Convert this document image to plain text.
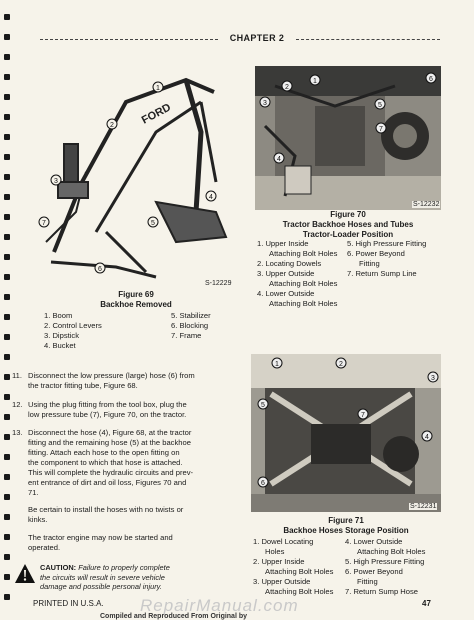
CHAPTER 2
FORD
1
2
3
4
5
6
7
S-12229
Figure 69
Backhoe Removed
1. Boom
2. Control Levers
3. Dipstick
4. Bucket
5. Stabilizer
6. Blocking
7. Frame
1
2
3
4
5
6
7
S-12232
Figure 70
Tractor Backhoe Hoses and Tubes
Tractor-Loader Position
1. Upper Inside
Attaching Bolt Holes
2. Locating Dowels
3. Upper Outside
Attaching Bolt Holes
4. Lower Outside
Attaching Bolt Holes
5. High Pressure Fitting
6. Power Beyond
Fitting
7. Return Sump Line
1	2
3
4
5
6
7
S-12231
Figure 71
Backhoe Hoses Storage Position
1. Dowel Locating
Holes
2. Upper Inside
Attaching Bolt Holes
3. Upper Outside
Attaching Bolt Holes
4. Lower Outside
Attaching Bolt Holes
5. High Pressure Fitting
6. Power Beyond
Fitting
7. Return Sump Hose
11. Disconnect the low pressure (large) hose (6) from
the tractor fitting tube, Figure 68.
12. Using the plug fitting from the tool box, plug the
low pressure tube (7), Figure 70, on the tractor.
13. Disconnect the hose (4), Figure 68, at the tractor
fitting and the remaining hose (5) at the backhoe
fitting. Attach each hose to the open fitting on
the component to which that hose is attached.
This will complete the hydraulic circuits and prev-
ent entrance of dirt and oil loss, Figures 70 and
71.
Be certain to install the hoses with no twists or
kinks.
The tractor engine may now be started and
operated.
CAUTION: Failure to properly complete
the circuits will result in severe vehicle
damage and possible personal injury.
PRINTED IN U.S.A. RepairManual.com	47
Compiled and Reproduced From Original by
